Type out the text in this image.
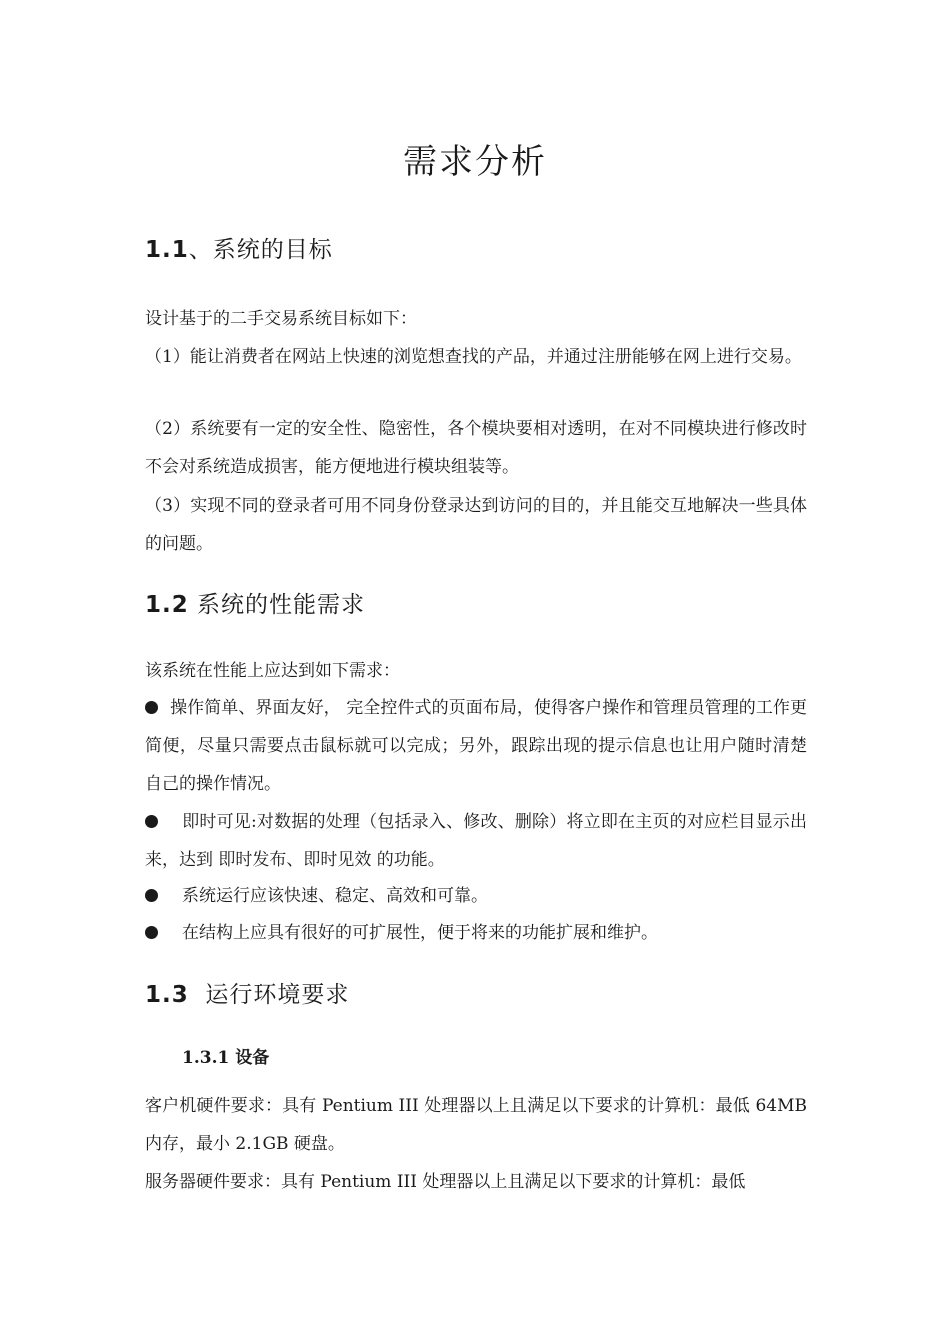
需求分析
1.1、系统的目标

设计基于的二手交易系统目标如下：

（1）能让消费者在网站上快速的浏览想查找的产品，并通过注册能够在网上进行交易。

（2）系统要有一定的安全性、隐密性，各个模块要相对透明，在对不同模块进行修改时不会对系统造成损害，能方便地进行模块组装等。

（3）实现不同的登录者可用不同身份登录达到访问的目的，并且能交互地解决一些具体的问题。

1.2 系统的性能需求

该系统在性能上应达到如下需求：

操作简单、界面友好， 完全控件式的页面布局，使得客户操作和管理员管理的工作更简便，尽量只需要点击鼠标就可以完成；另外，跟踪出现的提示信息也让用户随时清楚自己的操作情况。

即时可见:对数据的处理（包括录入、修改、删除）将立即在主页的对应栏目显示出来，达到 即时发布、即时见效 的功能。

系统运行应该快速、稳定、高效和可靠。

在结构上应具有很好的可扩展性，便于将来的功能扩展和维护。

1.3  运行环境要求
1.3.1 设备

客户机硬件要求：具有 Pentium III 处理器以上且满足以下要求的计算机：最低 64MB 内存，最小 2.1GB 硬盘。

服务器硬件要求：具有 Pentium III 处理器以上且满足以下要求的计算机：最低
